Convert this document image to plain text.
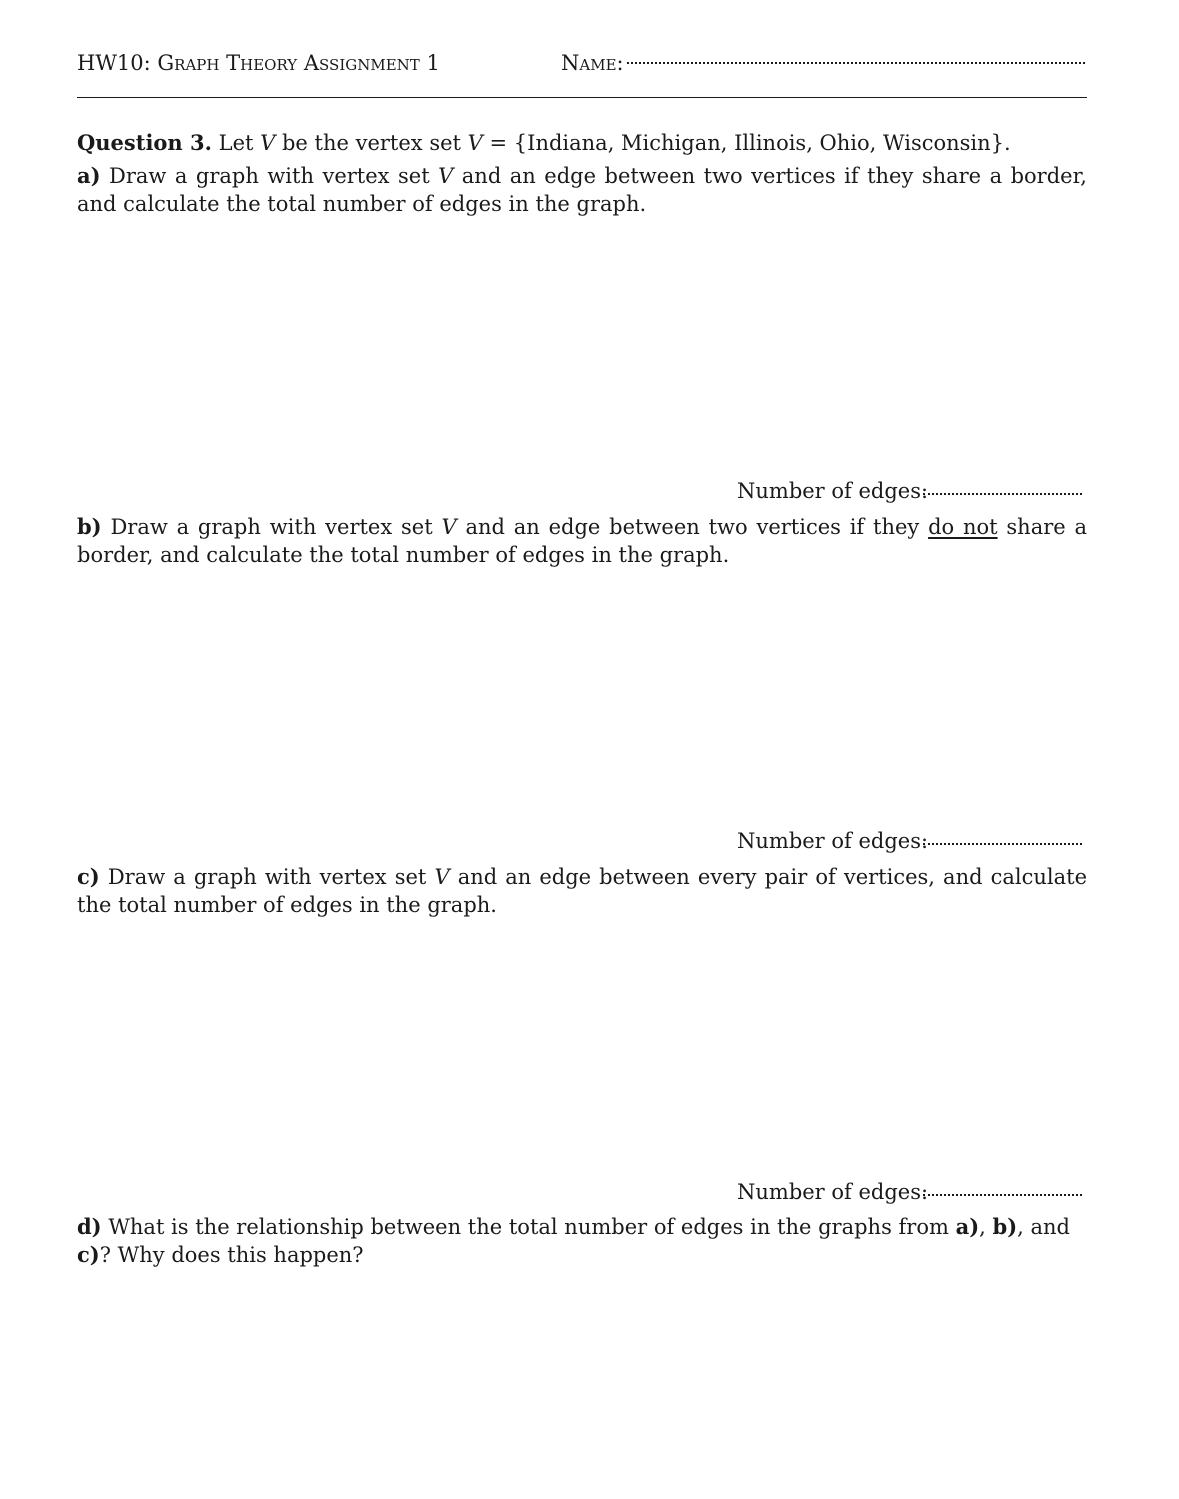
HW10: Graph Theory Assignment 1	Name:
Question 3. Let V be the vertex set V = {Indiana, Michigan, Illinois, Ohio, Wisconsin}.
a) Draw a graph with vertex set V and an edge between two vertices if they share a border, and calculate the total number of edges in the graph.
Number of edges:
b) Draw a graph with vertex set V and an edge between two vertices if they do not share a border, and calculate the total number of edges in the graph.
Number of edges:
c) Draw a graph with vertex set V and an edge between every pair of vertices, and calculate the total number of edges in the graph.
Number of edges:
d) What is the relationship between the total number of edges in the graphs from a), b), and c)? Why does this happen?
